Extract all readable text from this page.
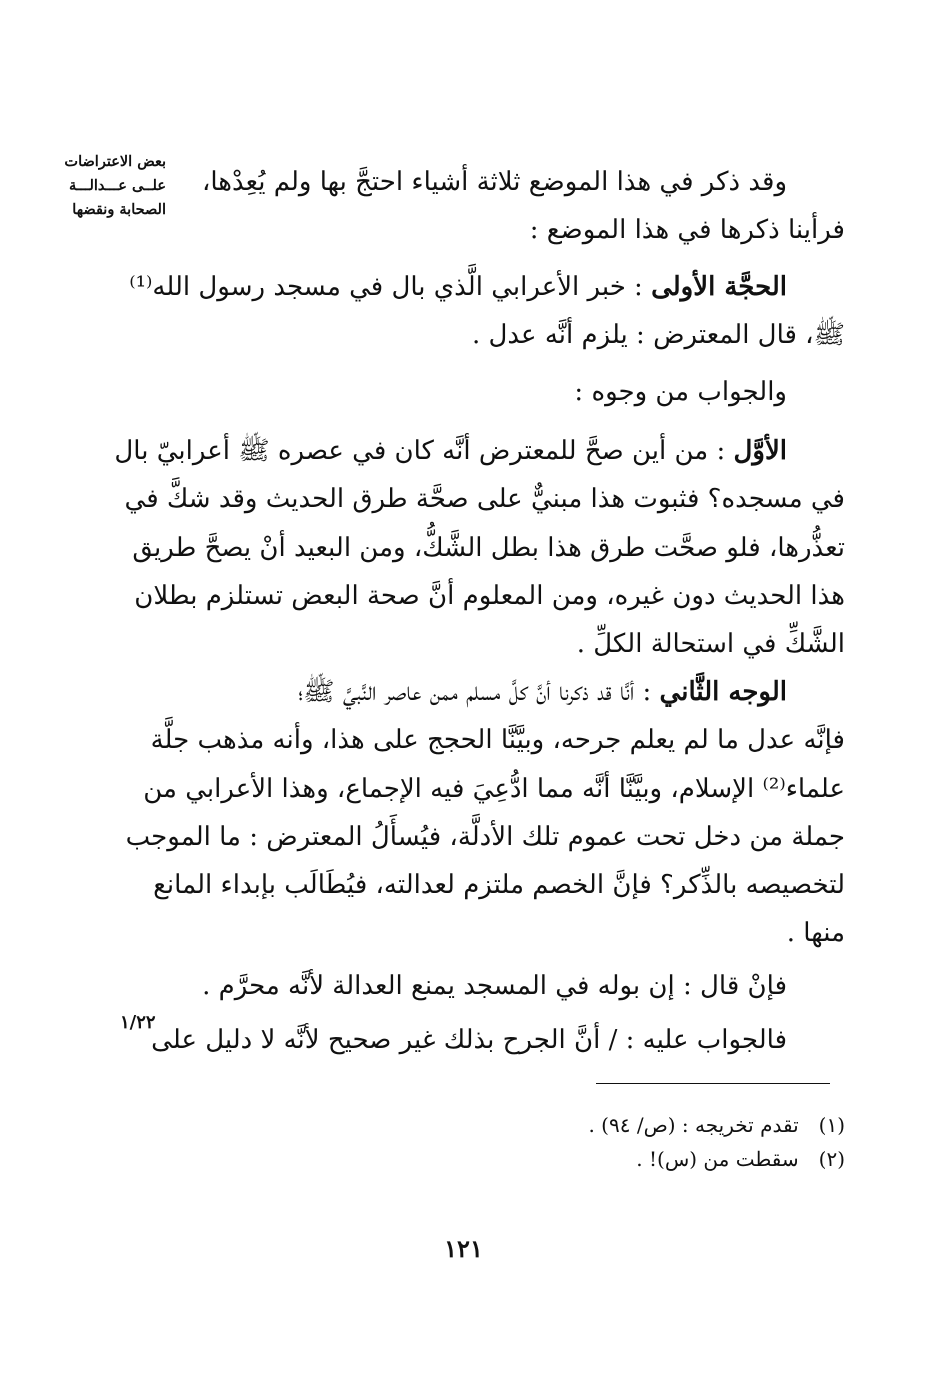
بعض الاعتراضات
علــى عـــدالـــة
الصحابة ونقضها
وقد ذكر في هذا الموضع ثلاثة أشياء احتجَّ بها ولم يُعِدْها،
فرأينا ذكرها في هذا الموضع :
الحجَّة الأولى : خبر الأعرابي الَّذي بال في مسجد رسول الله⁽¹⁾
ﷺ، قال المعترض : يلزم أنَّه عدل .
والجواب من وجوه :
الأوَّل : من أين صحَّ للمعترض أنَّه كان في عصره ﷺ أعرابيّ بال
في مسجده؟ فثبوت هذا مبنيٌّ على صحَّة طرق الحديث وقد شكَّ في
تعذُّرها، فلو صحَّت طرق هذا بطل الشَّكُّ، ومن البعيد أنْ يصحَّ طريق
هذا الحديث دون غيره، ومن المعلوم أنَّ صحة البعض تستلزم بطلان
الشَّكِّ في استحالة الكلِّ .
الوجه الثَّاني : أنَّا قد ذكرنا أنَّ كلَّ مسلم ممن عاصر النَّبيَّ ﷺ؛
فإنَّه عدل ما لم يعلم جرحه، وبيَّنَّا الحجج على هذا، وأنه مذهب جلَّة
علماء⁽²⁾ الإسلام، وبيَّنَّا أنَّه مما ادُّعِيَ فيه الإجماع، وهذا الأعرابي من
جملة من دخل تحت عموم تلك الأدلَّة، فيُسأَلُ المعترض : ما الموجب
لتخصيصه بالذِّكر؟ فإنَّ الخصم ملتزم لعدالته، فيُطَالَب بإبداء المانع
منها .
فإنْ قال : إن بوله في المسجد يمنع العدالة لأنَّه محرَّم .
فالجواب عليه : / أنَّ الجرح بذلك غير صحيح لأنَّه لا دليل على
١/٢٢
(١) تقدم تخريجه : (ص/ ٩٤) .
(٢) سقطت من (س)! .
١٢١
